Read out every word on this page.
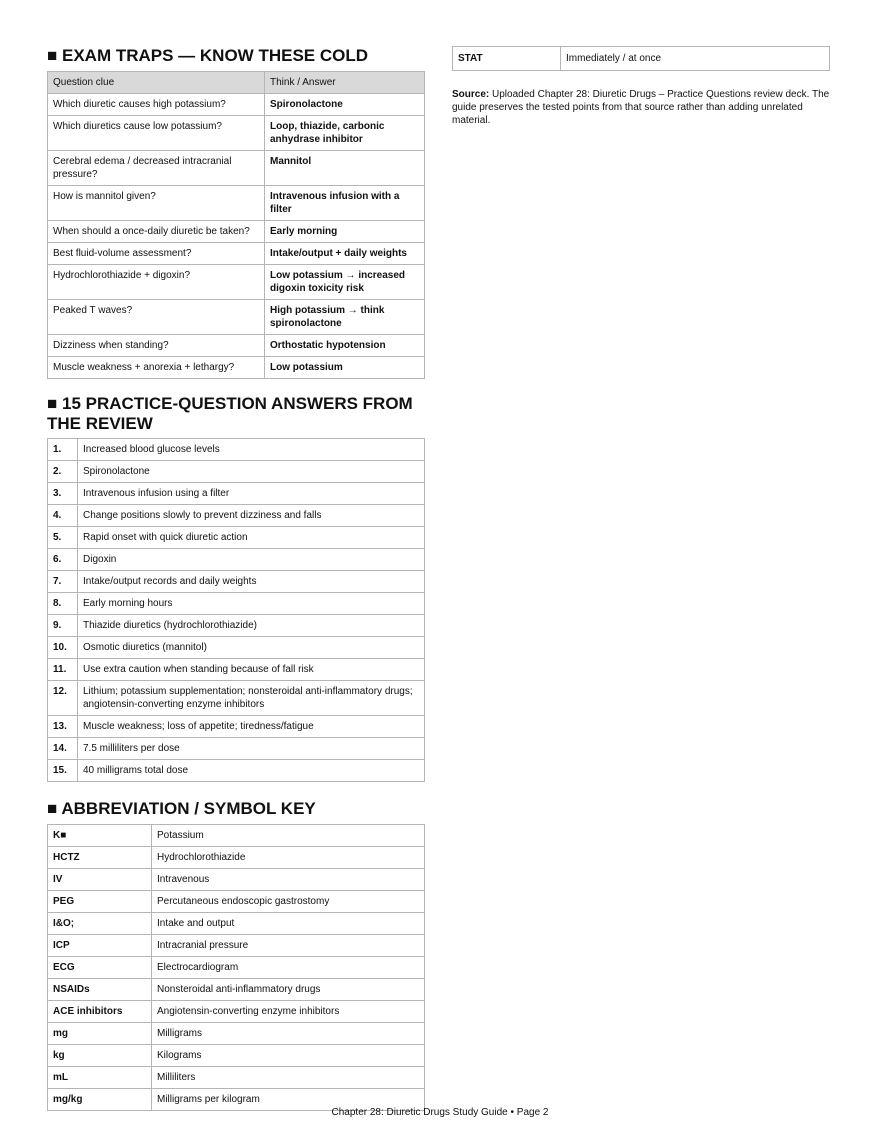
■ EXAM TRAPS — KNOW THESE COLD
Question clue	Think / Answer
Which diuretic causes high potassium?	Spironolactone
Which diuretics cause low potassium?	Loop, thiazide, carbonic anhydrase inhibitor
Cerebral edema / decreased intracranial pressure?	Mannitol
How is mannitol given?	Intravenous infusion with a filter
When should a once-daily diuretic be taken?	Early morning
Best fluid-volume assessment?	Intake/output + daily weights
Hydrochlorothiazide + digoxin?	Low potassium → increased digoxin toxicity risk
Peaked T waves?	High potassium → think spironolactone
Dizziness when standing?	Orthostatic hypotension
Muscle weakness + anorexia + lethargy?	Low potassium
■ 15 PRACTICE-QUESTION ANSWERS FROM THE REVIEW
1.	Increased blood glucose levels
2.	Spironolactone
3.	Intravenous infusion using a filter
4.	Change positions slowly to prevent dizziness and falls
5.	Rapid onset with quick diuretic action
6.	Digoxin
7.	Intake/output records and daily weights
8.	Early morning hours
9.	Thiazide diuretics (hydrochlorothiazide)
10.	Osmotic diuretics (mannitol)
11.	Use extra caution when standing because of fall risk
12.	Lithium; potassium supplementation; nonsteroidal anti-inflammatory drugs; angiotensin-converting enzyme inhibitors
13.	Muscle weakness; loss of appetite; tiredness/fatigue
14.	7.5 milliliters per dose
15.	40 milligrams total dose
■ ABBREVIATION / SYMBOL KEY
K■	Potassium
HCTZ	Hydrochlorothiazide
IV	Intravenous
PEG	Percutaneous endoscopic gastrostomy
I&O;	Intake and output
ICP	Intracranial pressure
ECG	Electrocardiogram
NSAIDs	Nonsteroidal anti-inflammatory drugs
ACE inhibitors	Angiotensin-converting enzyme inhibitors
mg	Milligrams
kg	Kilograms
mL	Milliliters
mg/kg	Milligrams per kilogram
STAT	Immediately / at once
Source: Uploaded Chapter 28: Diuretic Drugs – Practice Questions review deck. The guide preserves the tested points from that source rather than adding unrelated material.
Chapter 28: Diuretic Drugs Study Guide • Page 2
